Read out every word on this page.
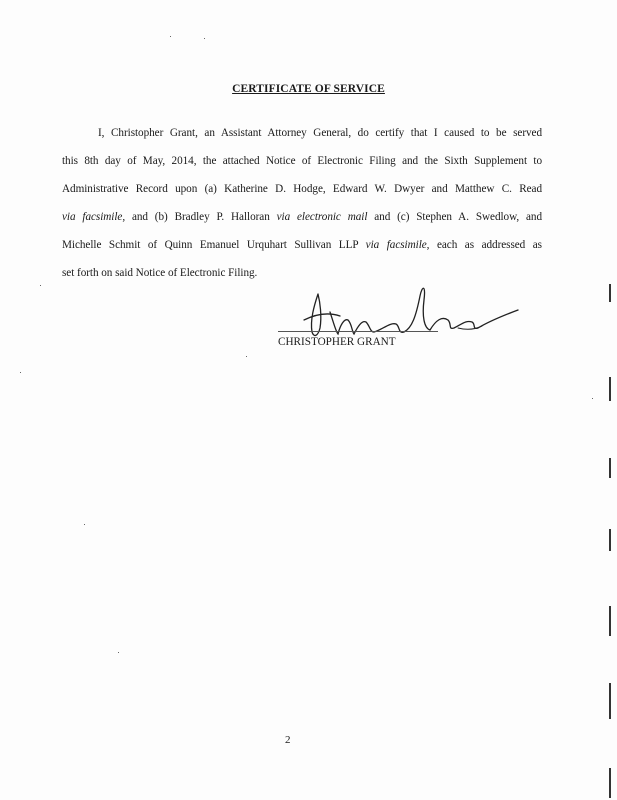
CERTIFICATE OF SERVICE
I, Christopher Grant, an Assistant Attorney General, do certify that I caused to be served
this 8th day of May, 2014, the attached Notice of Electronic Filing and the Sixth Supplement to
Administrative Record upon (a) Katherine D. Hodge, Edward W. Dwyer and Matthew C. Read
via facsimile, and (b) Bradley P. Halloran via electronic mail and (c) Stephen A. Swedlow, and
Michelle Schmit of Quinn Emanuel Urquhart Sullivan LLP via facsimile, each as addressed as
set forth on said Notice of Electronic Filing.
CHRISTOPHER GRANT
2
